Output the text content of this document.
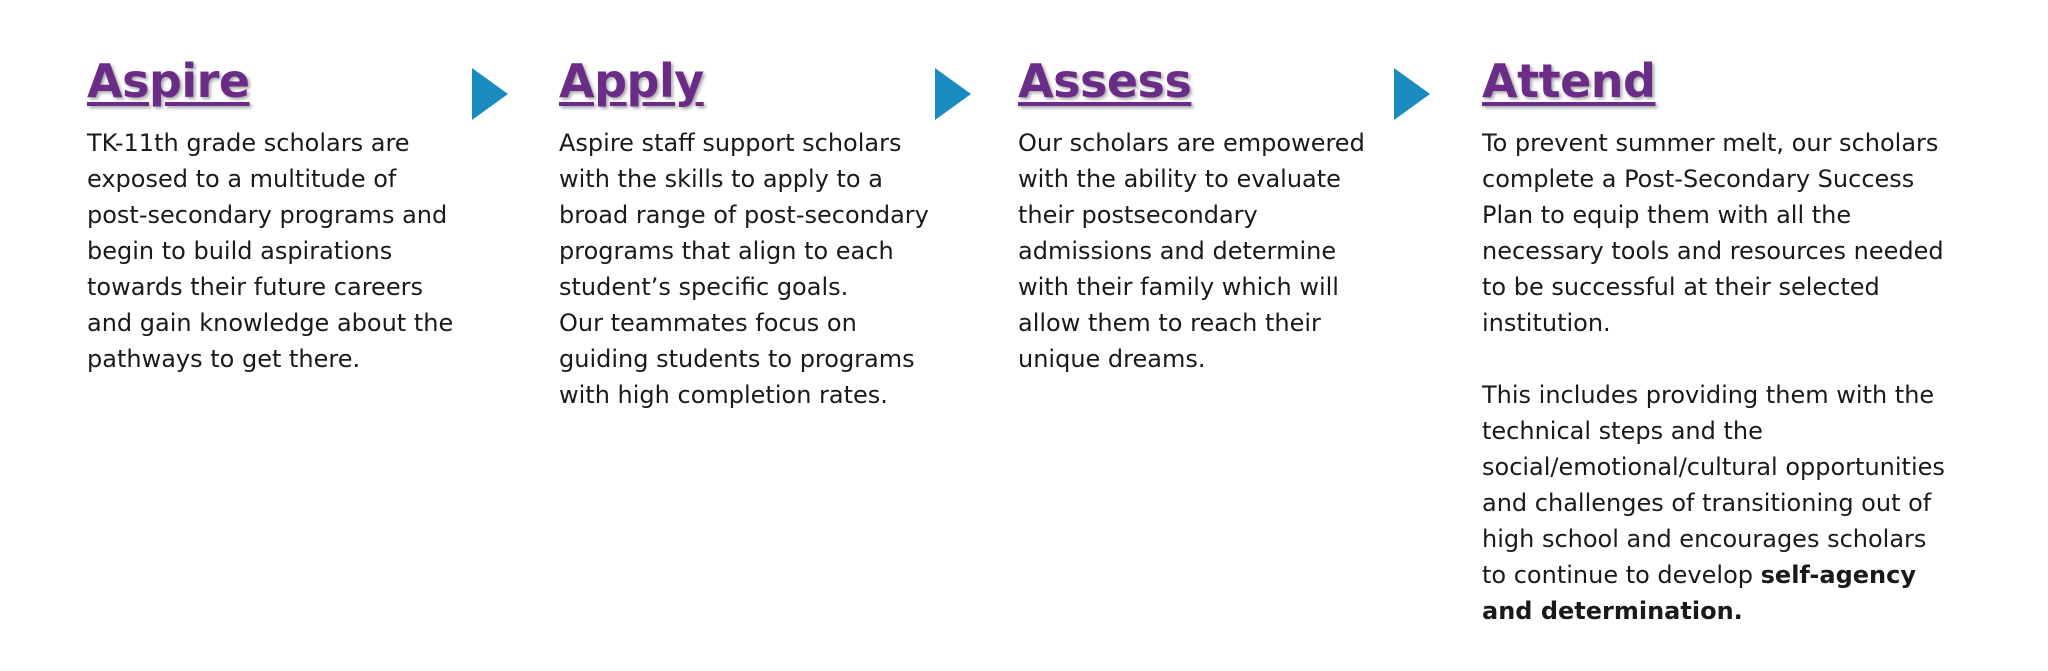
Aspire

TK-11th grade scholars are

exposed to a multitude of

post-secondary programs and

begin to build aspirations

towards their future careers

and gain knowledge about the

pathways to get there.

Apply

Aspire staff support scholars

with the skills to apply to a

broad range of post-secondary

programs that align to each

student’s specific goals.

Our teammates focus on

guiding students to programs

with high completion rates.

Assess

Our scholars are empowered

with the ability to evaluate

their postsecondary

admissions and determine

with their family which will

allow them to reach their

unique dreams.

Attend

To prevent summer melt, our scholars

complete a Post-Secondary Success

Plan to equip them with all the

necessary tools and resources needed

to be successful at their selected

institution.

This includes providing them with the

technical steps and the

social/emotional/cultural opportunities

and challenges of transitioning out of

high school and encourages scholars

to continue to develop self-agency

and determination.
